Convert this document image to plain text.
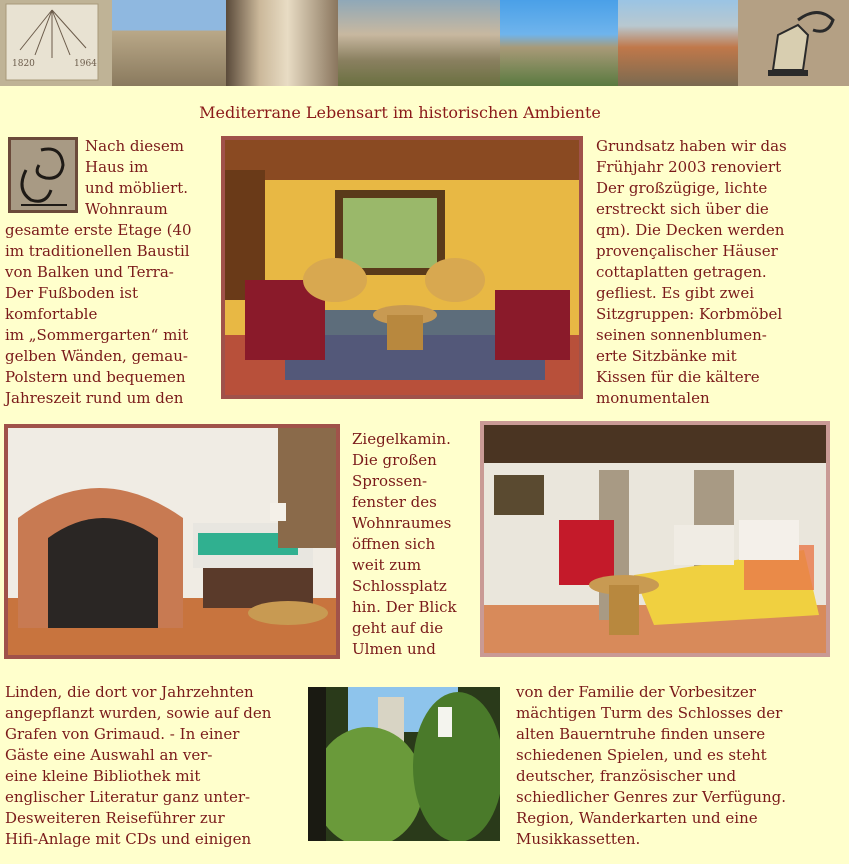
1820	1964
Mediterrane Lebensart im historischen Ambiente
Nach diesem
Haus im
und möbliert.
Wohnraum
gesamte erste Etage (40
im traditionellen Baustil
von Balken und Terra-
Der Fußboden ist
komfortable
im „Sommergarten“ mit
gelben Wänden, gemau-
Polstern und bequemen
Jahreszeit rund um den
Grundsatz haben wir das
Frühjahr 2003 renoviert
Der großzügige, lichte
erstreckt sich über die
qm). Die Decken werden
provençalischer Häuser
cottaplatten getragen.
gefliest. Es gibt zwei
Sitzgruppen: Korbmöbel
seinen sonnenblumen-
erte Sitzbänke mit
Kissen für die kältere
monumentalen
Ziegelkamin.
Die großen
Sprossen-
fenster des
Wohnraumes
öffnen sich
weit zum
Schlossplatz
hin. Der Blick
geht auf die
Ulmen und
Linden, die dort vor Jahrzehnten
angepflanzt wurden, sowie auf den
Grafen von Grimaud. - In einer
Gäste eine Auswahl an ver-
eine kleine Bibliothek mit
englischer Literatur ganz unter-
Desweiteren Reiseführer zur
Hifi-Anlage mit CDs und einigen
von der Familie der Vorbesitzer
mächtigen Turm des Schlosses der
alten Bauerntruhe finden unsere
schiedenen Spielen, und es steht
deutscher, französischer und
schiedlicher Genres zur Verfügung.
Region, Wanderkarten und eine
Musikkassetten.
